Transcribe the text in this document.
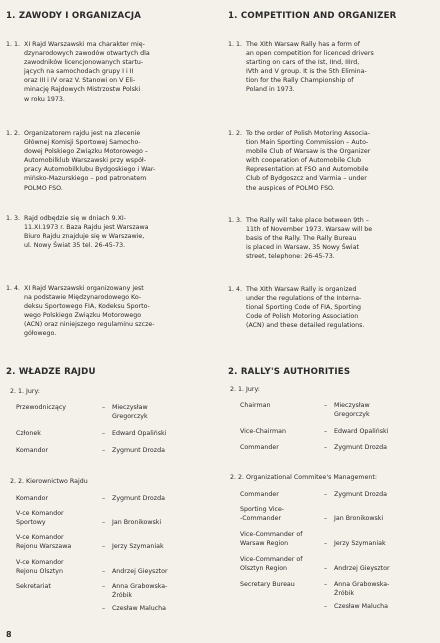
1. ZAWODY I ORGANIZACJA
1. 1. XI Rajd Warszawski ma charakter mię-
dzynarodowych zawodów otwartych dla
zawodników licencjonowanych startu-
jących na samochodach grupy I i II
oraz III i IV oraz V. Stanowi on V Eli-
minację Rajdowych Mistrzostw Polski
w roku 1973.
1. 2. Organizatorem rajdu jest na zlecenie
Głównej Komisji Sportowej Samocho-
dowej Polskiego Związku Motorowego –
Automobilklub Warszawski przy współ-
pracy Automobilklubu Bydgoskiego i War-
mińsko-Mazurskiego – pod patronatem
POLMO FSO.
1. 3. Rajd odbędzie się w dniach 9.XI-
11.XI.1973 r. Baza Rajdu jest Warszawa
Biuro Rajdu znajduje się w Warszawie,
ul. Nowy Świat 35 tel. 26-45-73.
1. 4. XI Rajd Warszawski organizowany jest
na podstawie Międzynarodowego Ko-
deksu Sportowego FIA, Kodeksu Sporto-
wego Polskiego Związku Motorowego
(ACN) oraz niniejszego regulaminu szcze-
gółowego.
2. WŁADZE RAJDU
2. 1. Jury:
Przewodniczący	– Mieczysław
Gregorczyk
Członek	– Edward Opaliński
Komandor	– Zygmunt Drozda
2. 2. Kierownictwo Rajdu
Komandor	– Zygmunt Drozda
V-ce Komandor
Sportowy	– Jan Bronikowski
V-ce Komandor
Rejonu Warszawa	– Jerzy Szymaniak
V-ce Komandor
Rejonu Olsztyn	– Andrzej Gieysztor
Sekretariat	– Anna Grabowska-
Żróbik
– Czesław Malucha
1. COMPETITION AND ORGANIZER
1. 1. The XIth Warsaw Rally has a form of
an open competition for licenced drivers
starting on cars of the Ist, IInd, IIIrd,
IVth and V group. It is the 5th Elimina-
tion for the Rally Championship of
Poland in 1973.
1. 2. To the order of Polish Motoring Associa-
tion Main Sporting Commission – Auto-
mobile Club of Warsaw is the Organizer
with cooperation of Automobile Club
Representation at FSO and Automobile
Club of Bydgoszcz and Varmia – under
the auspices of POLMO FSO.
1. 3. The Rally will take place between 9th –
11th of November 1973. Warsaw will be
basis of the Rally. The Rally Bureau
is placed in Warsaw, 35 Nowy Świat
street, telephone: 26-45-73.
1. 4. The XIth Warsaw Rally is organized
under the regulations of the Interna-
tional Sporting Code of FIA, Sporting
Code of Polish Motoring Association
(ACN) and these detailed regulations.
2. RALLY'S AUTHORITIES
2. 1. Jury:
Chairman	– Mieczysław
Gregorczyk
Vice-Chairman	– Edward Opaliński
Commander	– Zygmunt Drozda
2. 2. Organizational Commitee's Management:
Commander	– Zygmunt Drozda
Sporting Vice-
-Commander	– Jan Bronikowski
Vice-Commander of
Warsaw Region	– Jerzy Szymaniak
Vice-Commander of
Olsztyn Region	– Andrzej Gieysztor
Secretary Bureau	– Anna Grabowska-
Żróbik
– Czesław Malucha
8
